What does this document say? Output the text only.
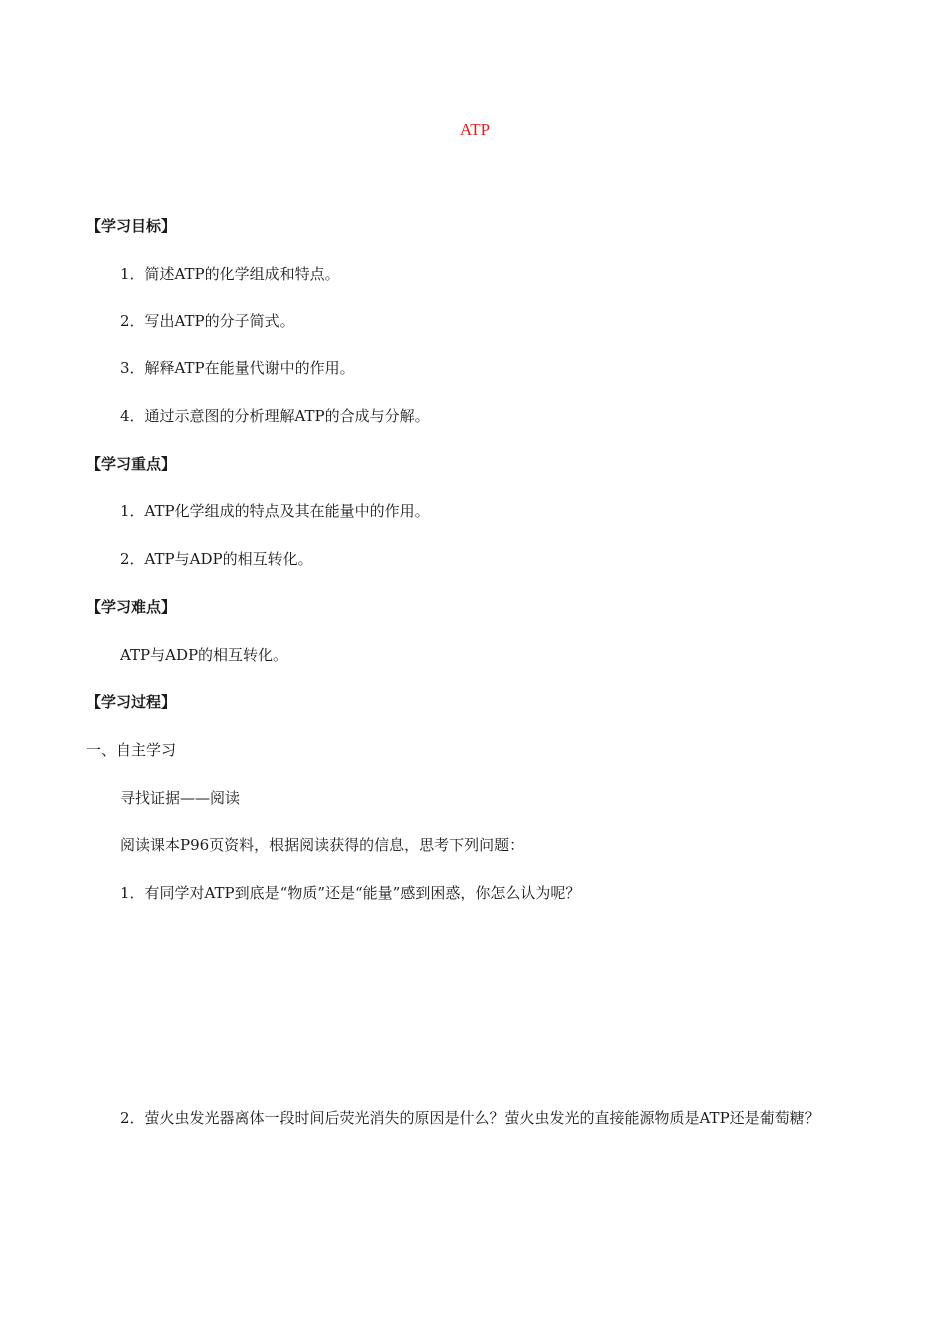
ATP
【学习目标】
1．简述ATP的化学组成和特点。
2．写出ATP的分子简式。
3．解释ATP在能量代谢中的作用。
4．通过示意图的分析理解ATP的合成与分解。
【学习重点】
1．ATP化学组成的特点及其在能量中的作用。
2．ATP与ADP的相互转化。
【学习难点】
ATP与ADP的相互转化。
【学习过程】
一、自主学习
寻找证据——阅读
阅读课本P96页资料，根据阅读获得的信息，思考下列问题：
1．有同学对ATP到底是“物质”还是“能量”感到困惑，你怎么认为呢？
2．萤火虫发光器离体一段时间后荧光消失的原因是什么？萤火虫发光的直接能源物质是ATP还是葡萄糖？
